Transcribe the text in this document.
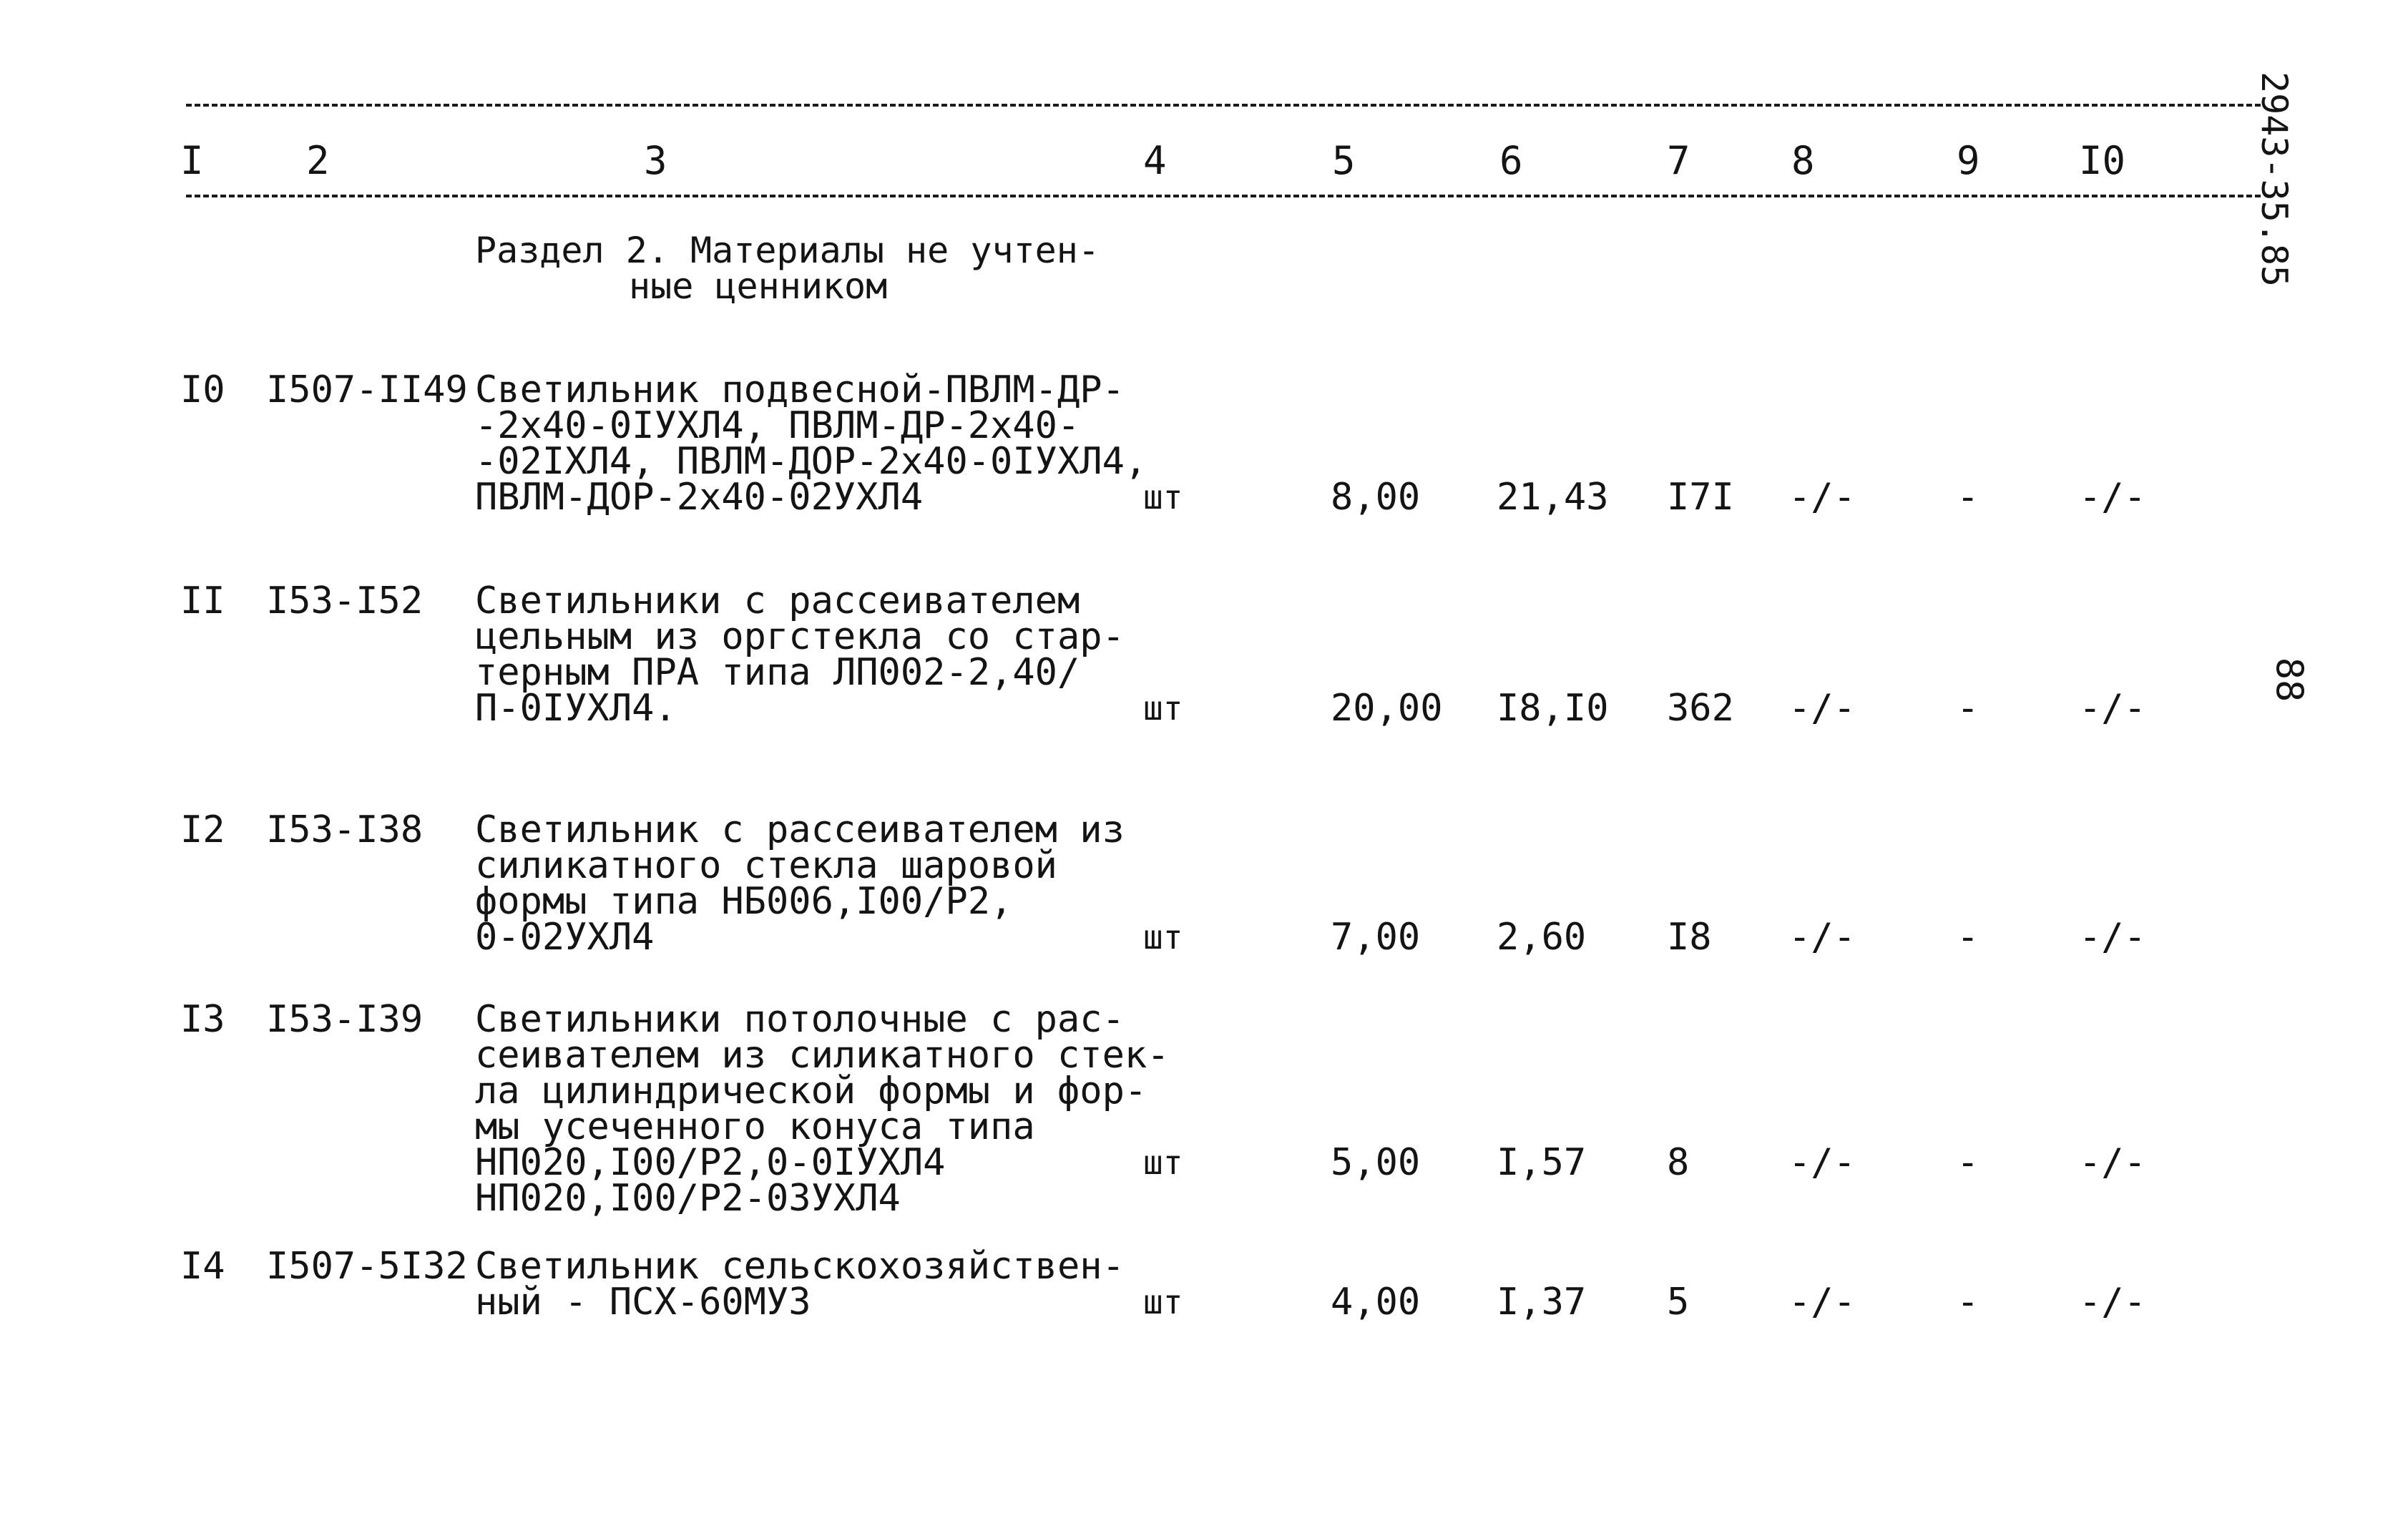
I	2	3	4	5	6	7	8	9	I0	2943-35.85
88
Раздел 2. Материалы не учтен-
ные ценником
I0 I507-II49 Светильник подвесной-ПВЛМ-ДР-
-2х40-0IУХЛ4, ПВЛМ-ДР-2х40-
-02IХЛ4, ПВЛМ-ДОР-2х40-0IУХЛ4,
ПВЛМ-ДОР-2х40-02УХЛ4	шт	8,00 21,43 I7I -/-	-	-/-
II I53-I52 Светильники с рассеивателем
цельным из оргстекла со стар-
терным ПРА типа ЛП002-2,40/
П-0IУХЛ4.	шт	20,00 I8,I0 362 -/-	-	-/-
I2 I53-I38 Светильник с рассеивателем из
силикатного стекла шаровой
формы типа НБ006,I00/Р2,
0-02УХЛ4	шт	7,00 2,60 I8 -/-	-	-/-
I3 I53-I39 Светильники потолочные с рас-
сеивателем из силикатного стек-
ла цилиндрической формы и фор-
мы усеченного конуса типа
НП020,I00/Р2,0-0IУХЛ4
НП020,I00/Р2-03УХЛ4
шт	5,00 I,57 8	-/-	-	-/-
I4 I507-5I32 Светильник сельскохозяйствен-
ный - ПСХ-60МУЗ	шт	4,00 I,37 5	-/-	-	-/-
